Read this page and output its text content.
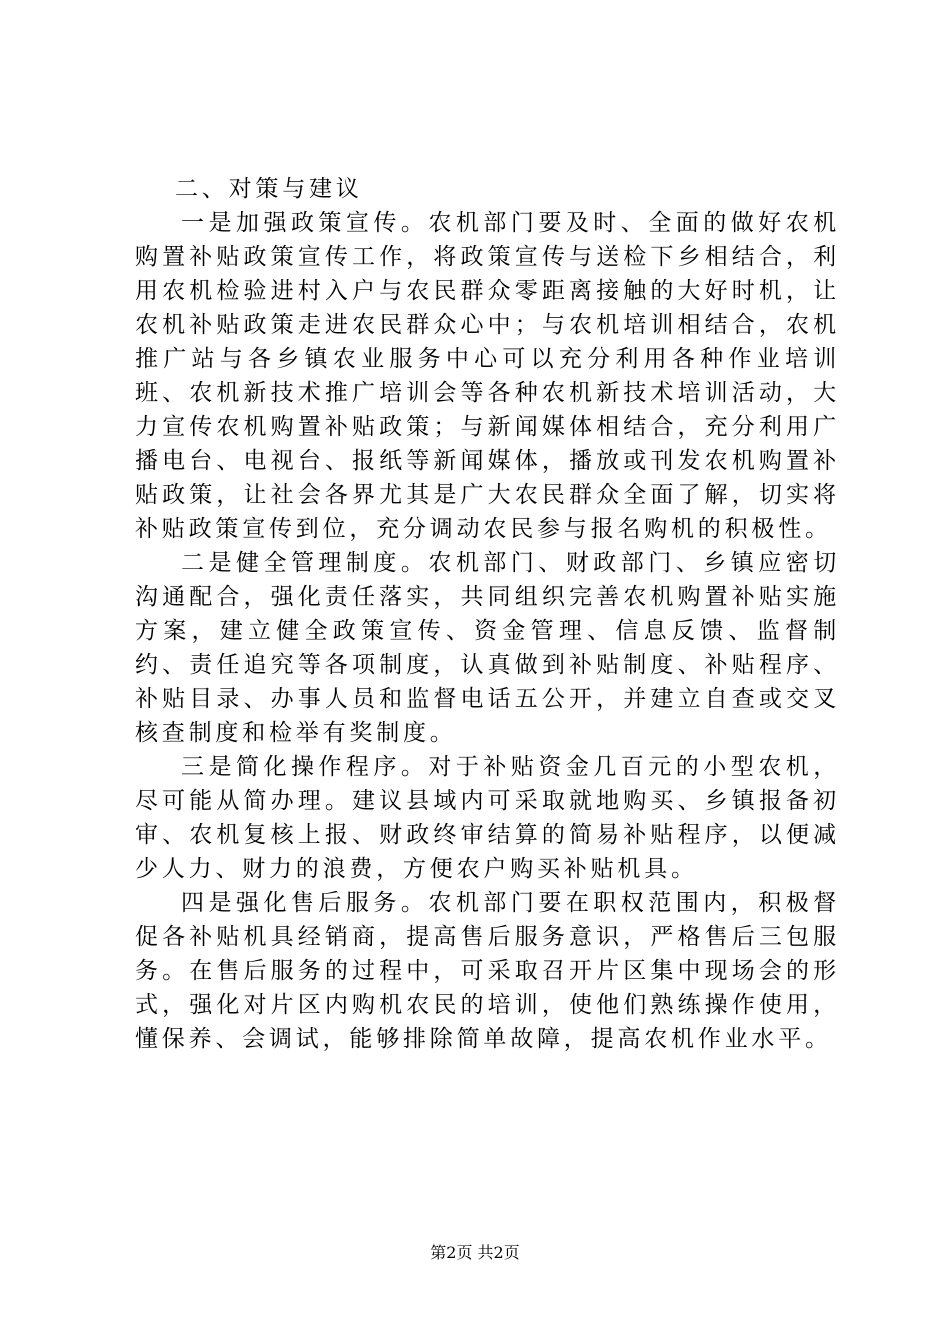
二、对策与建议

一是加强政策宣传。农机部门要及时、全面的做好农机购置补贴政策宣传工作，将政策宣传与送检下乡相结合，利用农机检验进村入户与农民群众零距离接触的大好时机，让农机补贴政策走进农民群众心中；与农机培训相结合，农机推广站与各乡镇农业服务中心可以充分利用各种作业培训班、农机新技术推广培训会等各种农机新技术培训活动，大力宣传农机购置补贴政策；与新闻媒体相结合，充分利用广播电台、电视台、报纸等新闻媒体，播放或刊发农机购置补贴政策，让社会各界尤其是广大农民群众全面了解，切实将补贴政策宣传到位，充分调动农民参与报名购机的积极性。

二是健全管理制度。农机部门、财政部门、乡镇应密切沟通配合，强化责任落实，共同组织完善农机购置补贴实施方案，建立健全政策宣传、资金管理、信息反馈、监督制约、责任追究等各项制度，认真做到补贴制度、补贴程序、补贴目录、办事人员和监督电话五公开，并建立自查或交叉核查制度和检举有奖制度。

三是简化操作程序。对于补贴资金几百元的小型农机，尽可能从简办理。建议县域内可采取就地购买、乡镇报备初审、农机复核上报、财政终审结算的简易补贴程序，以便减少人力、财力的浪费，方便农户购买补贴机具。

四是强化售后服务。农机部门要在职权范围内，积极督促各补贴机具经销商，提高售后服务意识，严格售后三包服务。在售后服务的过程中，可采取召开片区集中现场会的形式，强化对片区内购机农民的培训，使他们熟练操作使用，懂保养、会调试，能够排除简单故障，提高农机作业水平。

第2页 共2页
